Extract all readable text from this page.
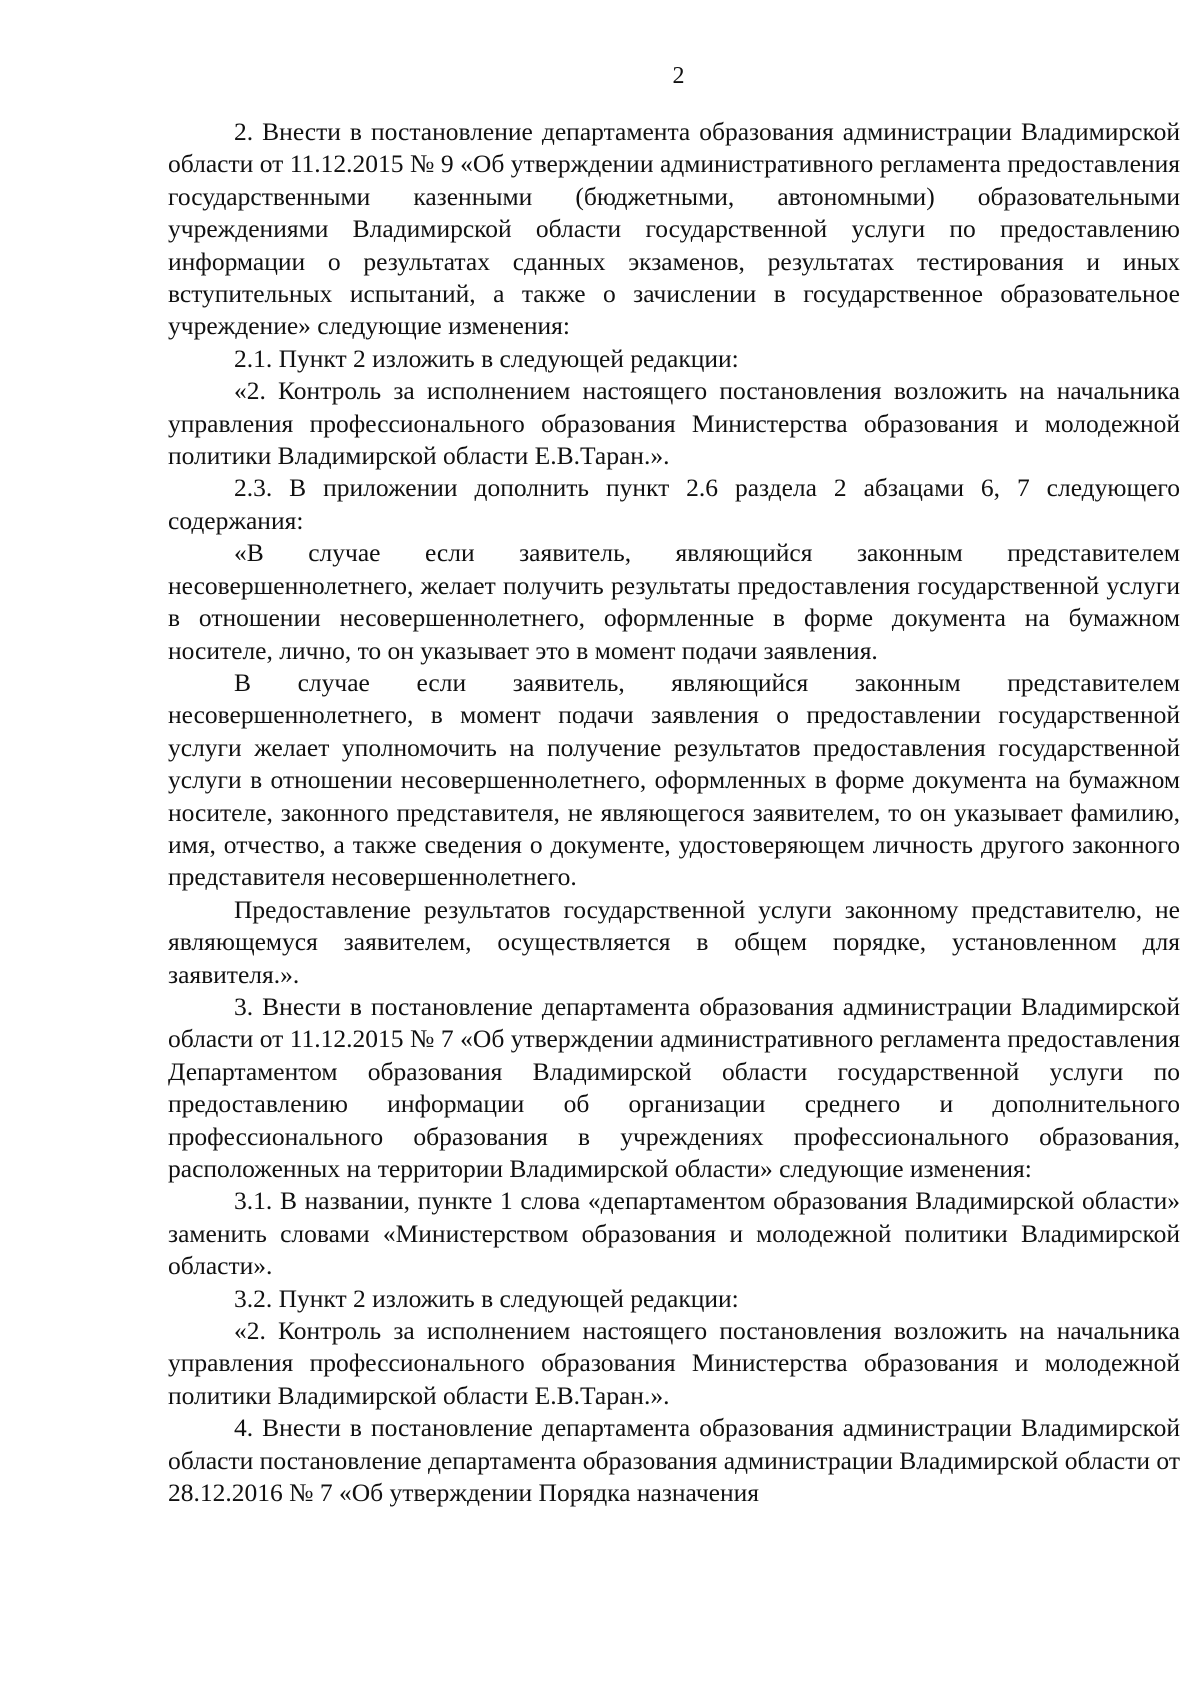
2

2. Внести в постановление департамента образования администрации Владимирской области от 11.12.2015 № 9 «Об утверждении административного регламента предоставления государственными казенными (бюджетными, автономными) образовательными учреждениями Владимирской области государственной услуги по предоставлению информации о результатах сданных экзаменов, результатах тестирования и иных вступительных испытаний, а также о зачислении в государственное образовательное учреждение» следующие изменения:

2.1. Пункт 2 изложить в следующей редакции:

«2. Контроль за исполнением настоящего постановления возложить на начальника управления профессионального образования Министерства образования и молодежной политики Владимирской области Е.В.Таран.».

2.3. В приложении дополнить пункт 2.6 раздела 2 абзацами 6, 7 следующего содержания:

«В случае если заявитель, являющийся законным представителем несовершеннолетнего, желает получить результаты предоставления государственной услуги в отношении несовершеннолетнего, оформленные в форме документа на бумажном носителе, лично, то он указывает это в момент подачи заявления.

В случае если заявитель, являющийся законным представителем несовершеннолетнего, в момент подачи заявления о предоставлении государственной услуги желает уполномочить на получение результатов предоставления государственной услуги в отношении несовершеннолетнего, оформленных в форме документа на бумажном носителе, законного представителя, не являющегося заявителем, то он указывает фамилию, имя, отчество, а также сведения о документе, удостоверяющем личность другого законного представителя несовершеннолетнего.

Предоставление результатов государственной услуги законному представителю, не являющемуся заявителем, осуществляется в общем порядке, установленном для заявителя.».

3. Внести в постановление департамента образования администрации Владимирской области от 11.12.2015 № 7 «Об утверждении административного регламента предоставления Департаментом образования Владимирской области государственной услуги по предоставлению информации об организации среднего и дополнительного профессионального образования в учреждениях профессионального образования, расположенных на территории Владимирской области» следующие изменения:

3.1. В названии, пункте 1 слова «департаментом образования Владимирской области» заменить словами «Министерством образования и молодежной политики Владимирской области».

3.2. Пункт 2 изложить в следующей редакции:

«2. Контроль за исполнением настоящего постановления возложить на начальника управления профессионального образования Министерства образования и молодежной политики Владимирской области Е.В.Таран.».

4. Внести в постановление департамента образования администрации Владимирской области постановление департамента образования администрации Владимирской области от 28.12.2016 № 7 «Об утверждении Порядка назначения
